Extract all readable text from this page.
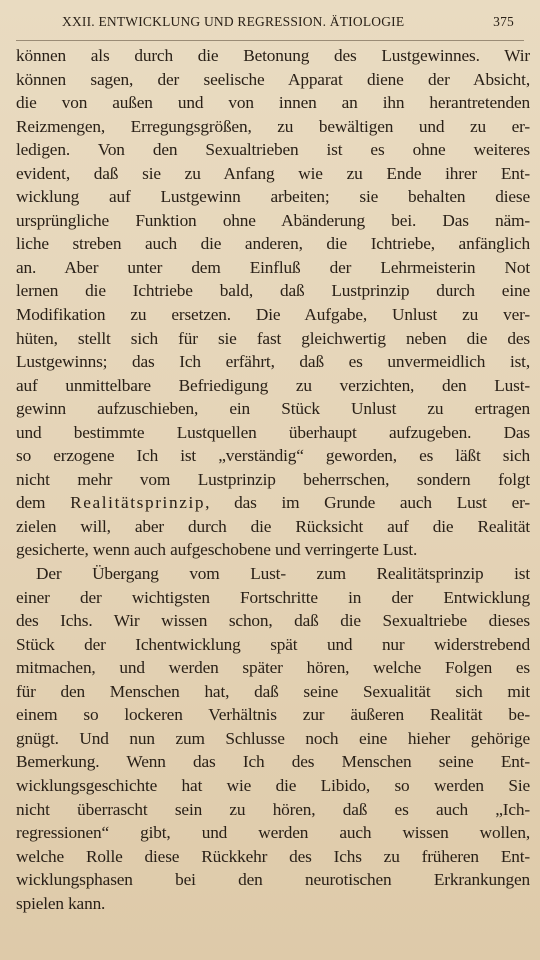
XXII. ENTWICKLUNG UND REGRESSION. ÄTIOLOGIE	375
können als durch die Betonung des Lustgewinnes. Wir
können sagen, der seelische Apparat diene der Absicht,
die von außen und von innen an ihn herantretenden
Reizmengen, Erregungsgrößen, zu bewältigen und zu er-
ledigen. Von den Sexualtrieben ist es ohne weiteres
evident, daß sie zu Anfang wie zu Ende ihrer Ent-
wicklung auf Lustgewinn arbeiten; sie behalten diese
ursprüngliche Funktion ohne Abänderung bei. Das näm-
liche streben auch die anderen, die Ichtriebe, anfänglich
an. Aber unter dem Einfluß der Lehrmeisterin Not
lernen die Ichtriebe bald, daß Lustprinzip durch eine
Modifikation zu ersetzen. Die Aufgabe, Unlust zu ver-
hüten, stellt sich für sie fast gleichwertig neben die des
Lustgewinns; das Ich erfährt, daß es unvermeidlich ist,
auf unmittelbare Befriedigung zu verzichten, den Lust-
gewinn aufzuschieben, ein Stück Unlust zu ertragen
und bestimmte Lustquellen überhaupt aufzugeben. Das
so erzogene Ich ist „verständig“ geworden, es läßt sich
nicht mehr vom Lustprinzip beherrschen, sondern folgt
dem Realitätsprinzip, das im Grunde auch Lust er-
zielen will, aber durch die Rücksicht auf die Realität
gesicherte, wenn auch aufgeschobene und verringerte Lust.
Der Übergang vom Lust- zum Realitätsprinzip ist
einer der wichtigsten Fortschritte in der Entwicklung
des Ichs. Wir wissen schon, daß die Sexualtriebe dieses
Stück der Ichentwicklung spät und nur widerstrebend
mitmachen, und werden später hören, welche Folgen es
für den Menschen hat, daß seine Sexualität sich mit
einem so lockeren Verhältnis zur äußeren Realität be-
gnügt. Und nun zum Schlusse noch eine hieher gehörige
Bemerkung. Wenn das Ich des Menschen seine Ent-
wicklungsgeschichte hat wie die Libido, so werden Sie
nicht überrascht sein zu hören, daß es auch „Ich-
regressionen“ gibt, und werden auch wissen wollen,
welche Rolle diese Rückkehr des Ichs zu früheren Ent-
wicklungsphasen bei den neurotischen Erkrankungen
spielen kann.
